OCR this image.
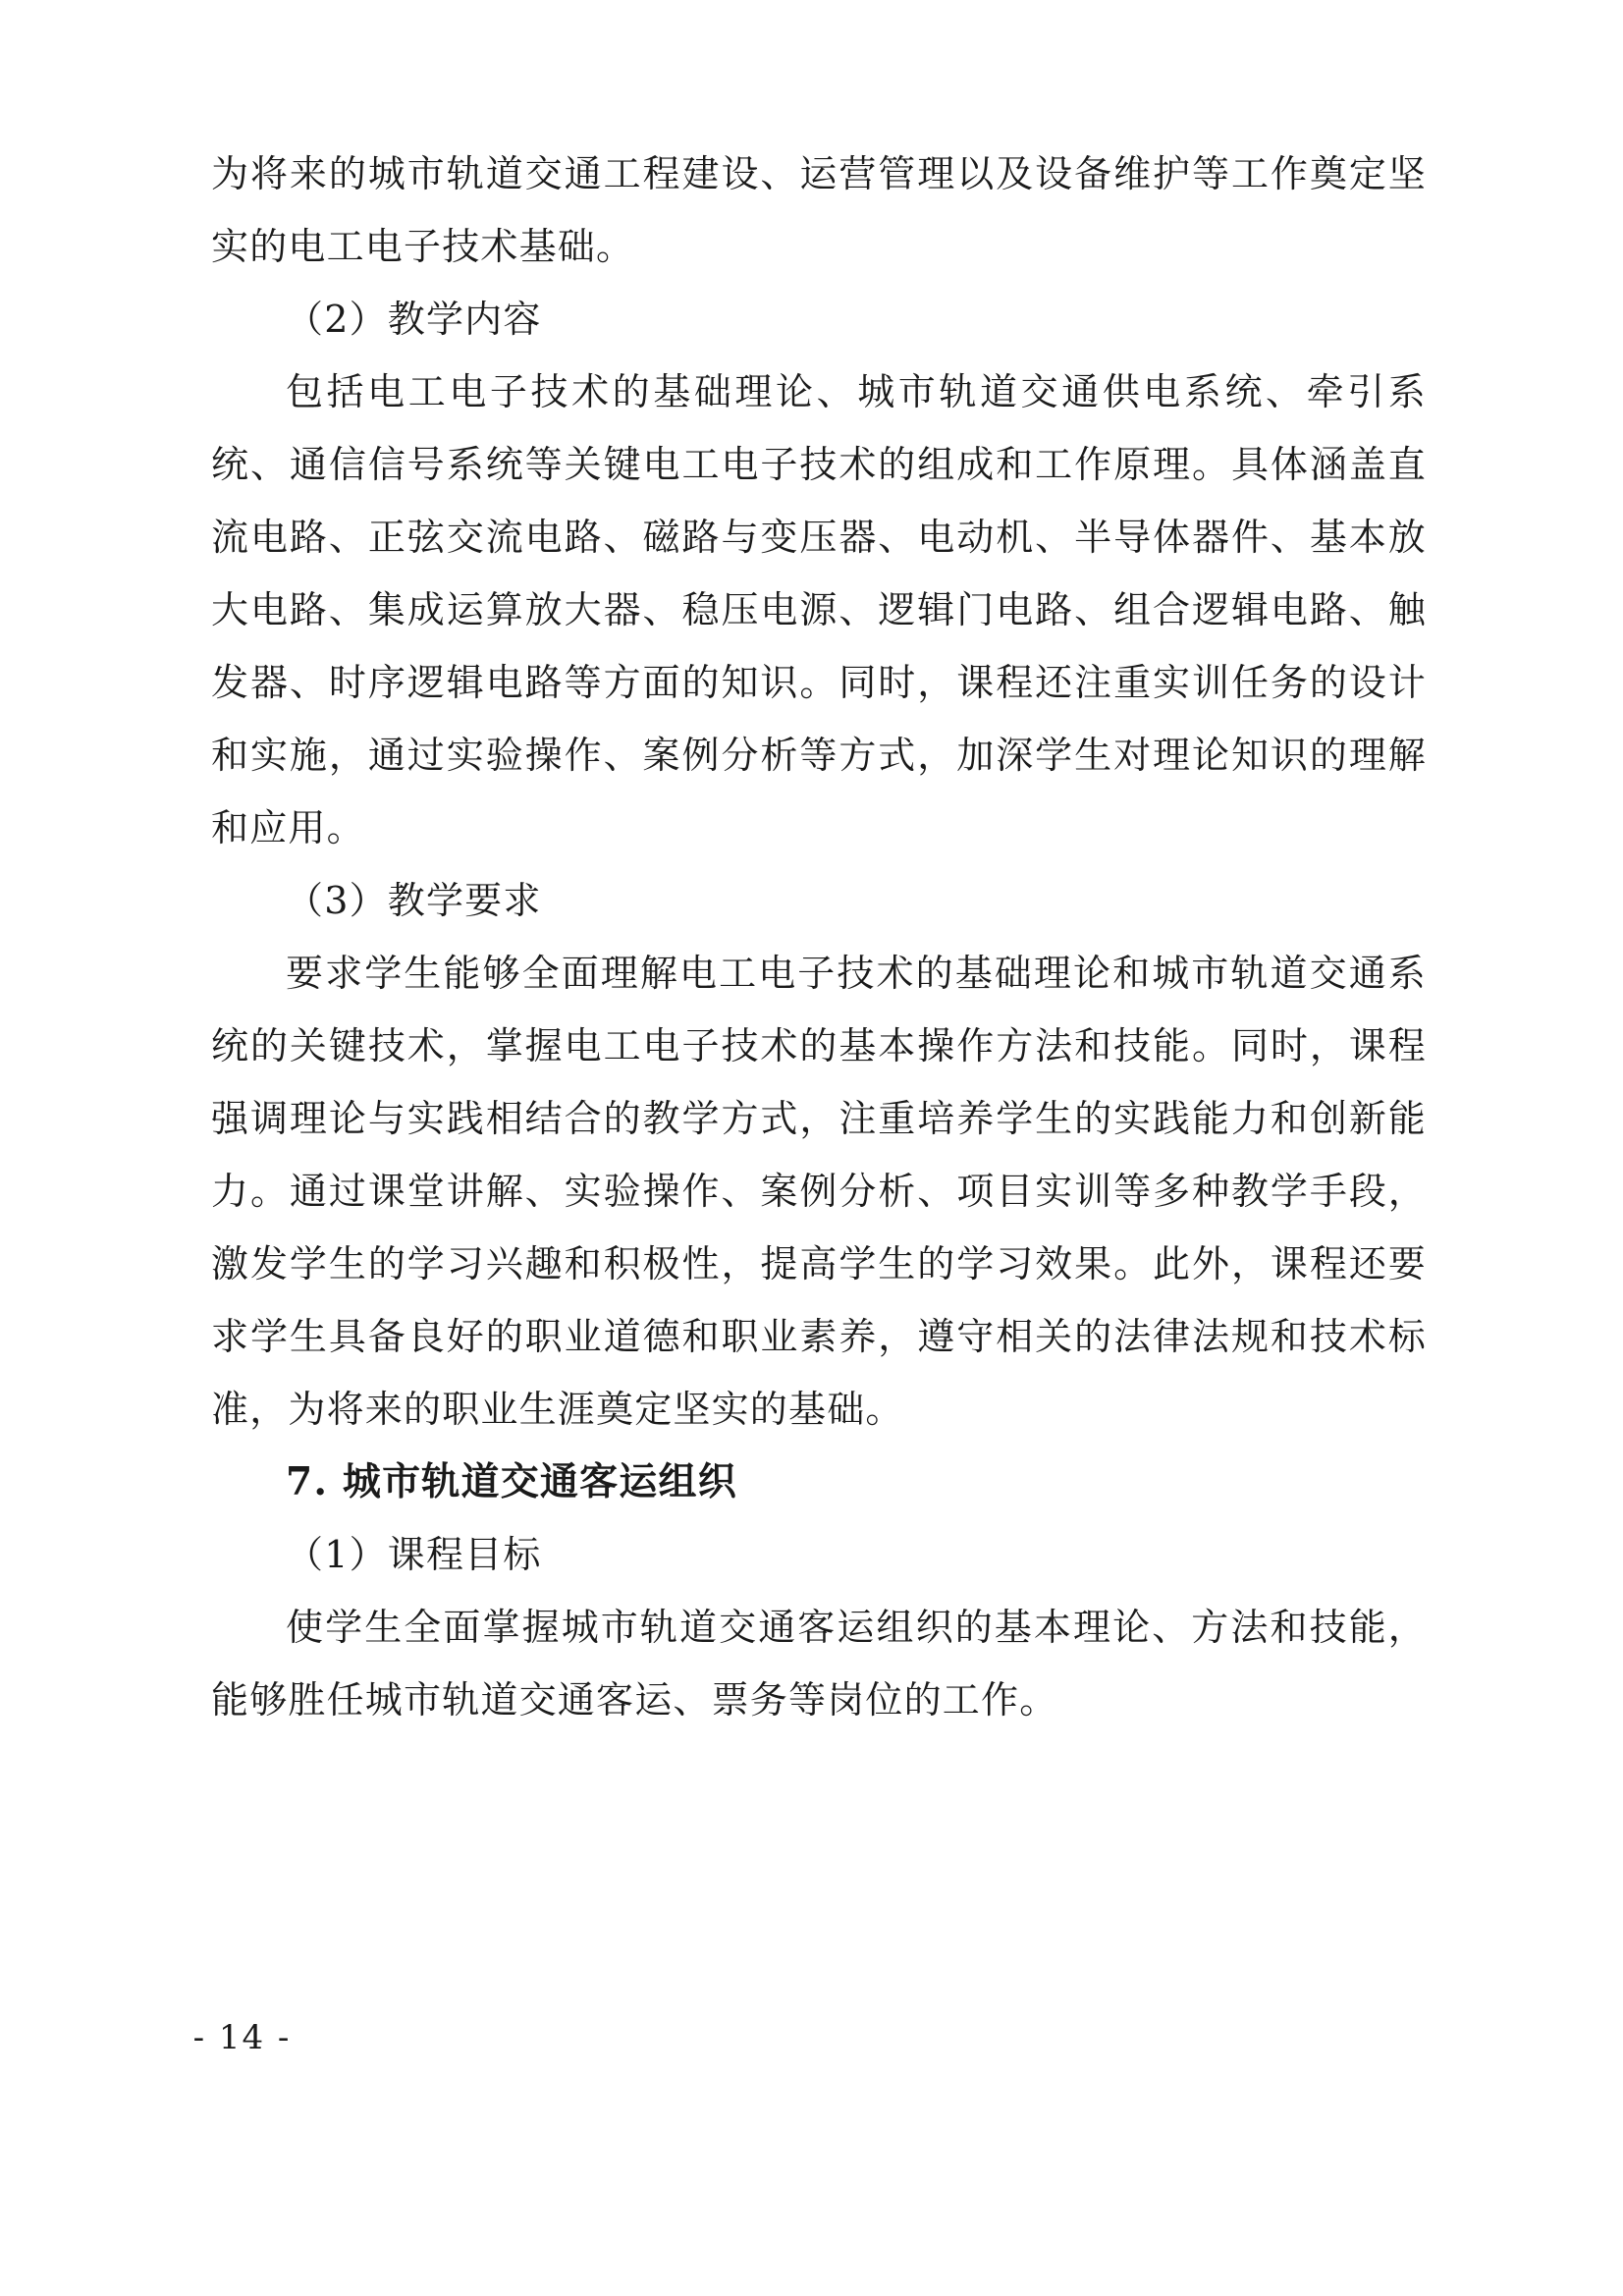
为将来的城市轨道交通工程建设、运营管理以及设备维护等工作奠定坚实的电工电子技术基础。

（2）教学内容

包括电工电子技术的基础理论、城市轨道交通供电系统、牵引系统、通信信号系统等关键电工电子技术的组成和工作原理。具体涵盖直流电路、正弦交流电路、磁路与变压器、电动机、半导体器件、基本放大电路、集成运算放大器、稳压电源、逻辑门电路、组合逻辑电路、触发器、时序逻辑电路等方面的知识。同时，课程还注重实训任务的设计和实施，通过实验操作、案例分析等方式，加深学生对理论知识的理解和应用。

（3）教学要求

要求学生能够全面理解电工电子技术的基础理论和城市轨道交通系统的关键技术，掌握电工电子技术的基本操作方法和技能。同时，课程强调理论与实践相结合的教学方式，注重培养学生的实践能力和创新能力。通过课堂讲解、实验操作、案例分析、项目实训等多种教学手段，激发学生的学习兴趣和积极性，提高学生的学习效果。此外，课程还要求学生具备良好的职业道德和职业素养，遵守相关的法律法规和技术标准，为将来的职业生涯奠定坚实的基础。

7. 城市轨道交通客运组织

（1）课程目标

使学生全面掌握城市轨道交通客运组织的基本理论、方法和技能，能够胜任城市轨道交通客运、票务等岗位的工作。

- 14 -
